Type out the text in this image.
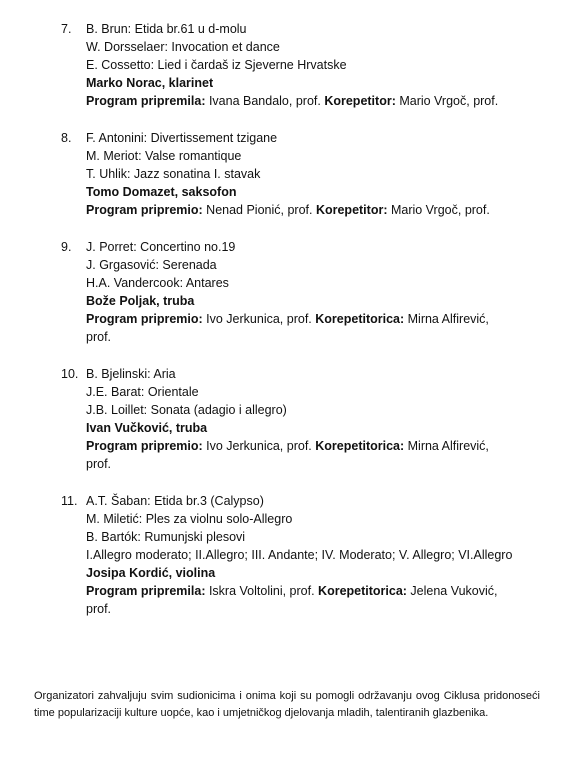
7. B. Brun: Etida br.61 u d-molu
W. Dorsselaer: Invocation et dance
E. Cossetto: Lied i čardaš iz Sjeverne Hrvatske
Marko Norac, klarinet
Program pripremila: Ivana Bandalo, prof. Korepetitor: Mario Vrgoč, prof.
8. F. Antonini: Divertissement tzigane
M. Meriot: Valse romantique
T. Uhlik: Jazz sonatina I. stavak
Tomo Domazet, saksofon
Program pripremio: Nenad Pionić, prof. Korepetitor: Mario Vrgoč, prof.
9. J. Porret: Concertino no.19
J. Grgasović: Serenada
H.A. Vandercook: Antares
Bože Poljak, truba
Program pripremio: Ivo Jerkunica, prof. Korepetitorica: Mirna Alfirević, prof.
10. B. Bjelinski: Aria
J.E. Barat: Orientale
J.B. Loillet: Sonata (adagio i allegro)
Ivan Vučković, truba
Program pripremio: Ivo Jerkunica, prof. Korepetitorica: Mirna Alfirević, prof.
11. A.T. Šaban: Etida br.3 (Calypso)
M. Miletić: Ples za violnu solo-Allegro
B. Bartók: Rumunjski plesovi
I.Allegro moderato; II.Allegro; III. Andante; IV. Moderato; V. Allegro; VI.Allegro
Josipa Kordić, violina
Program pripremila: Iskra Voltolini, prof. Korepetitorica: Jelena Vuković, prof.
Organizatori zahvaljuju svim sudionicima i onima koji su pomogli održavanju ovog Ciklusa pridonoseći time popularizaciji kulture uopće, kao i umjetničkog djelovanja mladih, talentiranih glazbenika.
